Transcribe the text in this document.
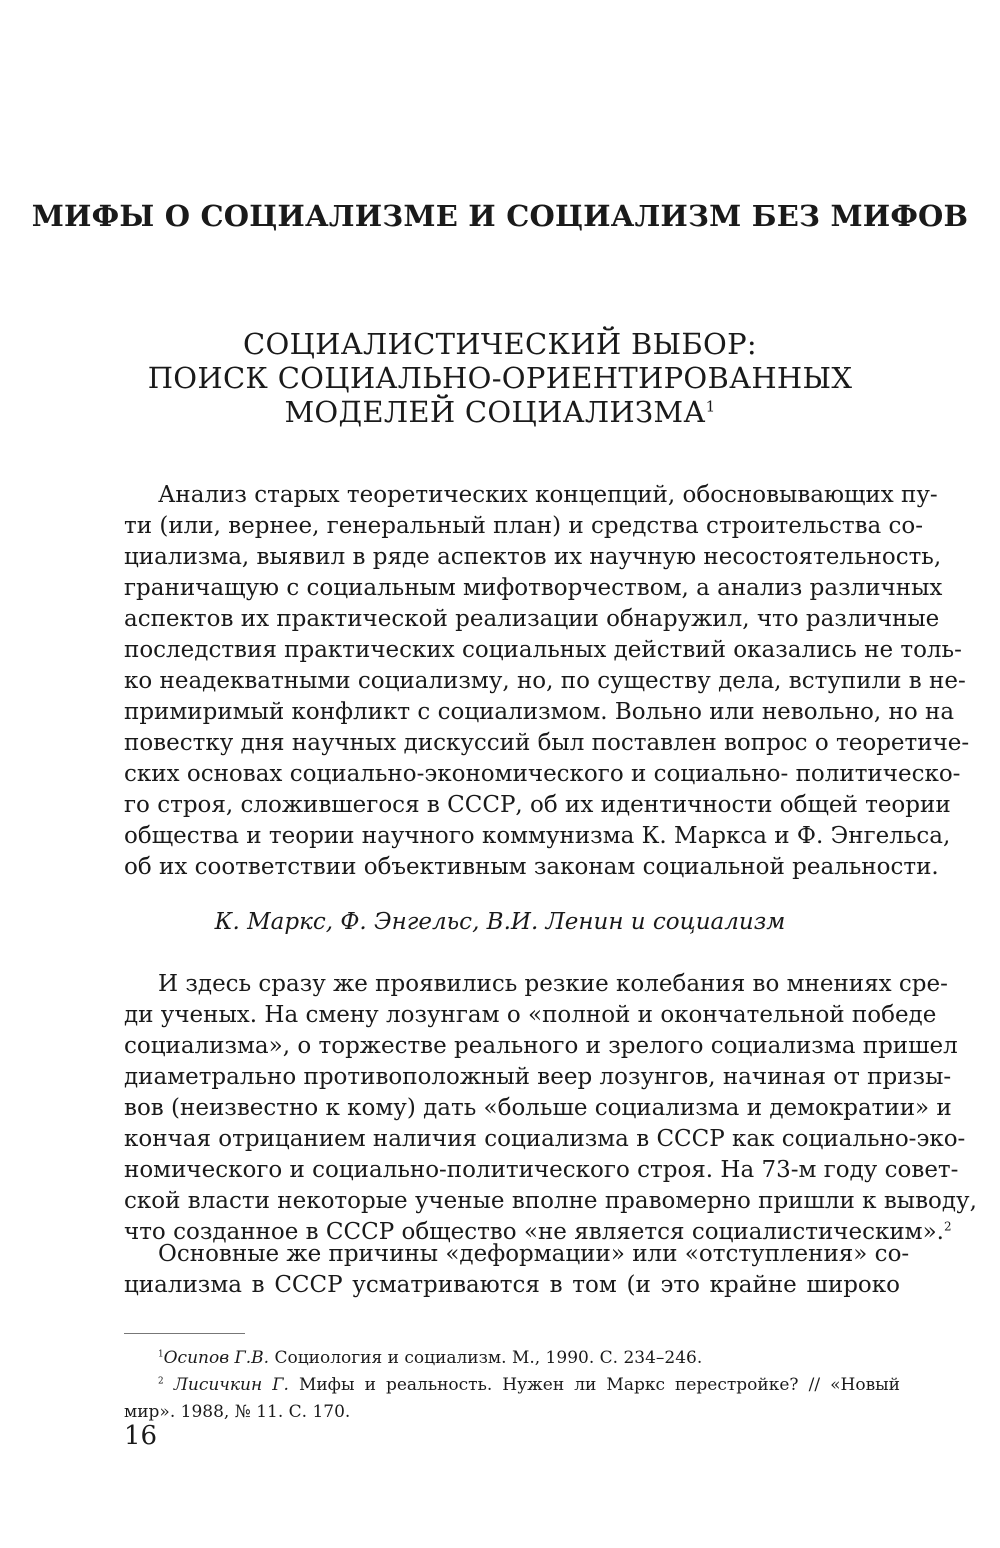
МИФЫ О СОЦИАЛИЗМЕ И СОЦИАЛИЗМ БЕЗ МИФОВ
СОЦИАЛИСТИЧЕСКИЙ ВЫБОР:
ПОИСК СОЦИАЛЬНО-ОРИЕНТИРОВАННЫХ
МОДЕЛЕЙ СОЦИАЛИЗМА$^1$
Анализ старых теоретических концепций, обосновывающих пу-
ти (или, вернее, генеральный план) и средства строительства со-
циализма, выявил в ряде аспектов их научную несостоятельность,
граничащую с социальным мифотворчеством, а анализ различных
аспектов их практической реализации обнаружил, что различные
последствия практических социальных действий оказались не толь-
ко неадекватными социализму, но, по существу дела, вступили в не-
примиримый конфликт с социализмом. Вольно или невольно, но на
повестку дня научных дискуссий был поставлен вопрос о теоретиче-
ских основах социально-экономического и социально- политическо-
го строя, сложившегося в СССР, об их идентичности общей теории
общества и теории научного коммунизма К. Маркса и Ф. Энгельса,
об их соответствии объективным законам социальной реальности.
К. Маркс, Ф. Энгельс, В.И. Ленин и социализм
И здесь сразу же проявились резкие колебания во мнениях сре-
ди ученых. На смену лозунгам о «полной и окончательной победе
социализма», о торжестве реального и зрелого социализма пришел
диаметрально противоположный веер лозунгов, начиная от призы-
вов (неизвестно к кому) дать «больше социализма и демократии» и
кончая отрицанием наличия социализма в СССР как социально-эко-
номического и социально-политического строя. На 73-м году совет-
ской власти некоторые ученые вполне правомерно пришли к выводу,
что созданное в СССР общество «не является социалистическим».$^2$
Основные же причины «деформации» или «отступления» со-
циализма в СССР усматриваются в том (и это крайне широко
$^1$Осипов Г.В. Социология и социализм. М., 1990. С. 234–246.
$^2$ Лисичкин Г. Мифы и реальность. Нужен ли Маркс перестройке? // «Новый
мир». 1988, № 11. С. 170.
16
